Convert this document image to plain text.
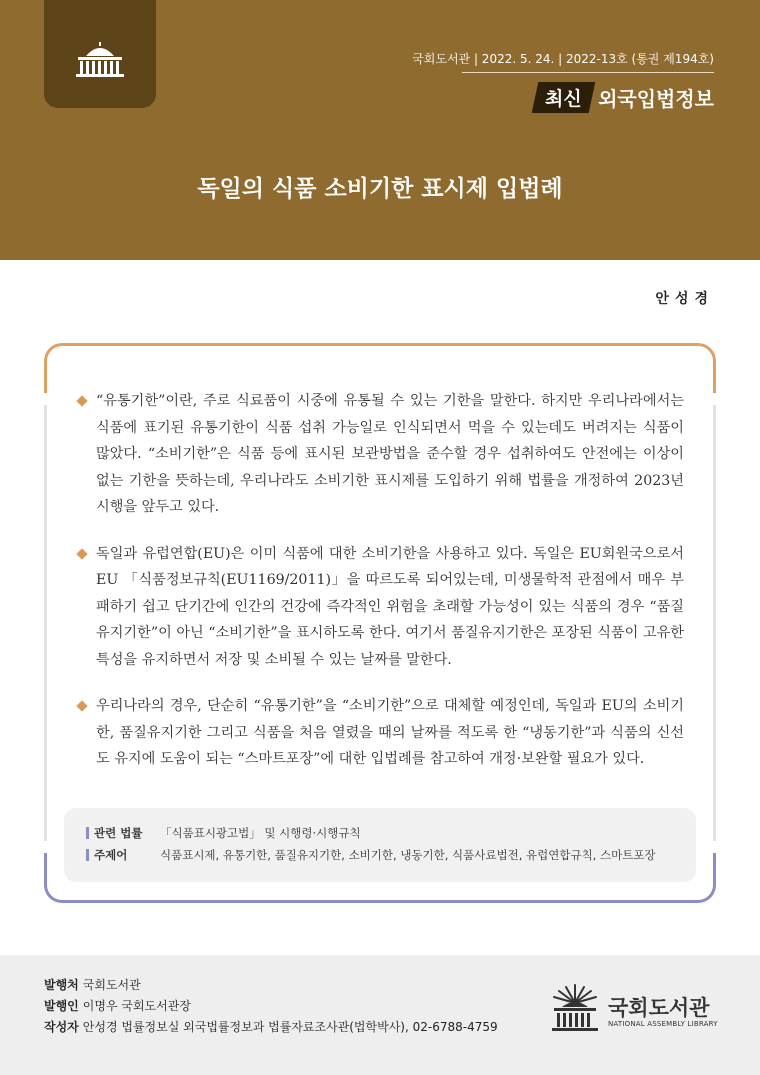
국회도서관 | 2022. 5. 24. | 2022-13호 (통권 제194호)
최신 외국입법정보
독일의 식품 소비기한 표시제 입법례
안성경

“유통기한”이란, 주로 식료품이 시중에 유통될 수 있는 기한을 말한다. 하지만 우리나라에서는 식품에 표기된 유통기한이 식품 섭취 가능일로 인식되면서 먹을 수 있는데도 버려지는 식품이 많았다. “소비기한”은 식품 등에 표시된 보관방법을 준수할 경우 섭취하여도 안전에는 이상이 없는 기한을 뜻하는데, 우리나라도 소비기한 표시제를 도입하기 위해 법률을 개정하여 2023년 시행을 앞두고 있다.

독일과 유럽연합(EU)은 이미 식품에 대한 소비기한을 사용하고 있다. 독일은 EU회원국으로서 EU 「식품정보규칙(EU1169/2011)」을 따르도록 되어있는데, 미생물학적 관점에서 매우 부패하기 쉽고 단기간에 인간의 건강에 즉각적인 위험을 초래할 가능성이 있는 식품의 경우 “품질유지기한”이 아닌 “소비기한”을 표시하도록 한다. 여기서 품질유지기한은 포장된 식품이 고유한 특성을 유지하면서 저장 및 소비될 수 있는 날짜를 말한다.

우리나라의 경우, 단순히 “유통기한”을 “소비기한”으로 대체할 예정인데, 독일과 EU의 소비기한, 품질유지기한 그리고 식품을 처음 열렸을 때의 날짜를 적도록 한 “냉동기한”과 식품의 신선도 유지에 도움이 되는 “스마트포장”에 대한 입법례를 참고하여 개정·보완할 필요가 있다.

관련 법률	「식품표시광고법」 및 시행령·시행규칙
주제어	식품표시제, 유통기한, 품질유지기한, 소비기한, 냉동기한, 식품사료법전, 유럽연합규칙, 스마트포장
발행처 국회도서관
발행인 이명우 국회도서관장
작성자 안성경 법률정보실 외국법률정보과 법률자료조사관(법학박사), 02-6788-4759
국회도서관
NATIONAL ASSEMBLY LIBRARY
